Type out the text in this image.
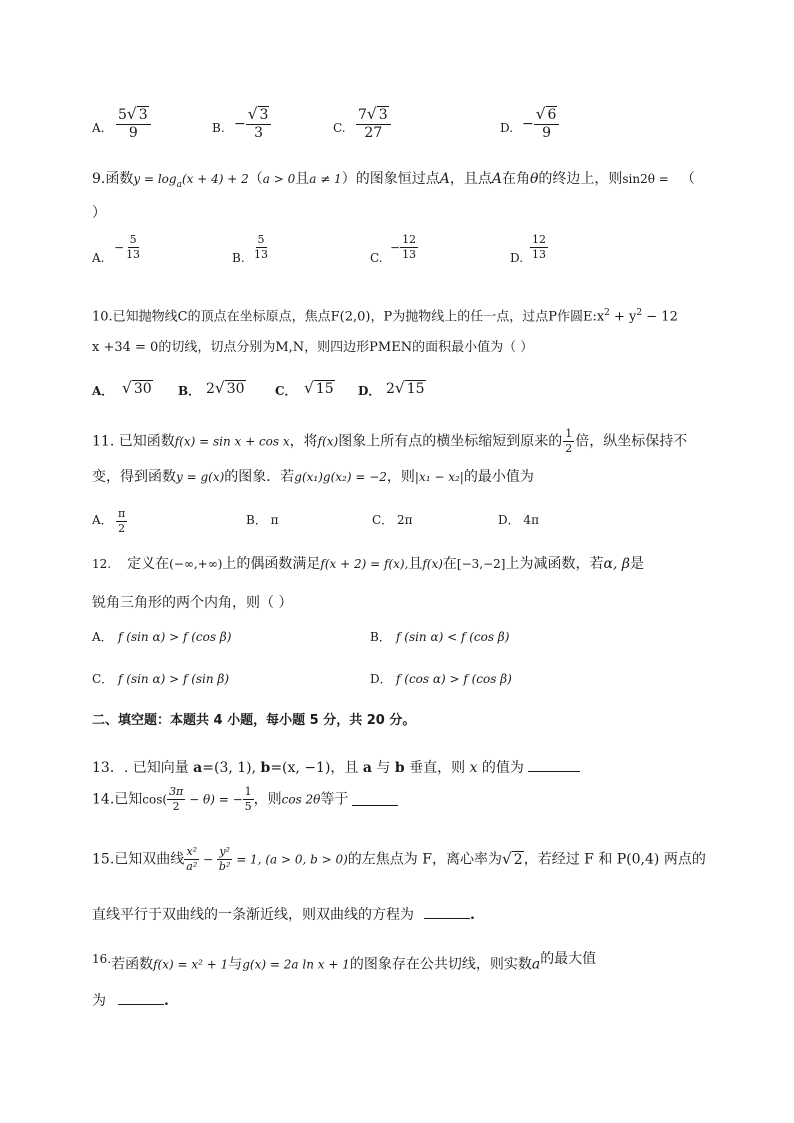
A. $\frac{5√ 3}{9}$	B. − $\frac{√ 3}{3}$	C. $\frac{7√ 3}{27}$	D. − $\frac{√ 6}{9}$
9.函数$y = \log_a(x + 4) + 2(a > 0$且a ≠ 1）的图象恒过点A，且点A在角θ的终边上，则sin2θ = （
）
A.
− $\frac{5}{13}$	B. $\frac{5}{13}$	C.
− $\frac{12}{13}$	D. $\frac{12}{13}$
10.已知抛物线C的顶点在坐标原点，焦点F(2,0)，P为抛物线上的任一点，过点P作圆$E:x^2 + y^2 - 12$
x +34 = 0的切线，切点分别为M,N，则四边形PMEN的面积最小值为（ ）
A． √ 30 B． 2√ 30	C． √ 15 D． 2√ 15
11. 已知函数f(x) = sin x + cos x，将f(x)图象上所有点的横坐标缩短到原来的 $\frac{1}{2}$ 倍，纵坐标保持不
变，得到函数y = g(x)的图象．若g(x₁)g(x₂) = −2，则|x₁ − x₂|的最小值为
A． $\frac{\pi}{2}$	B． π	C． 2π	D． 4π
12. 定义在(−∞,+∞)上的偶函数满足f(x + 2) = f(x),且f(x)在[−3,−2]上为减函数，若α, β是
锐角三角形的两个内角，则（ ）
A． f (sin α) > f (cos β)	B． f (sin α) < f (cos β)
C． f (sin α) > f (sin β)	D． f (cos α) > f (cos β)
二、填空题：本题共 4 小题，每小题 5 分，共 20 分。
13．. 已知向量 a=(3, 1), b=(x, −1)，且 a 与 b 垂直，则 x 的值为
14.已知$\cos( \frac{3\pi}{2} - \theta)$ = − $\frac{1}{5}$ ，则cos 2θ等于
15.已知双曲线 $\frac{\text{x²}}{\text{a²}} - \frac{\text{y²}}{\text{b²}} = 1$, (a > 0, b > 0)的左焦点为 F，离心率为√ 2，若经过 F 和 P(0,4) 两点的
直线平行于双曲线的一条渐近线，则双曲线的方程为	.
16.若函数f(x) = x² + 1与g(x) = 2a ln x + 1的图象存在公共切线，则实数a的最大值
为	.
